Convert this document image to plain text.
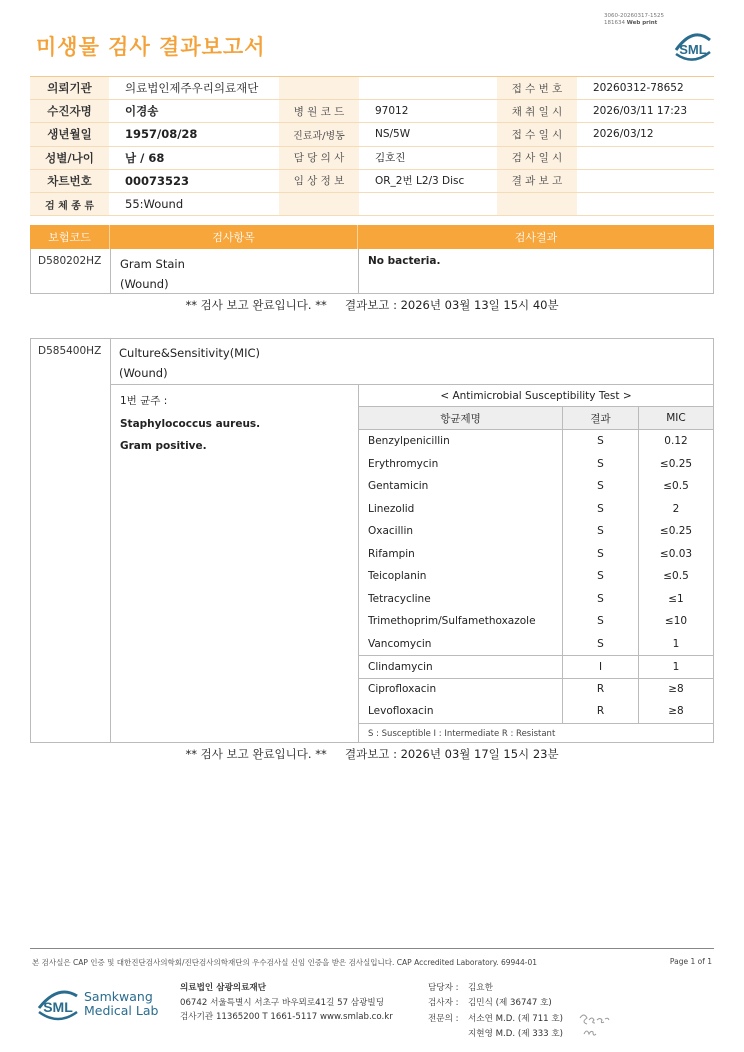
3060-20260317-1525
181634 Web print
미생물 검사 결과보고서	SML
의뢰기관	의료법인제주우리의료재단	접 수 번 호	20260312-78652
수진자명	이경송	병 원 코 드	97012	채 취 일 시	2026/03/11 17:23
생년월일	1957/08/28	진료과/병동	NS/5W	접 수 일 시	2026/03/12
성별/나이	남 / 68	담 당 의 사	김호진	검 사 일 시
차트번호	00073523	임 상 정 보	OR_2번 L2/3 Disc	결 과 보 고
검 체 종 류	55:Wound
보험코드	검사항목	검사결과
D580202HZ	Gram Stain
(Wound)
No bacteria.
** 검사 보고 완료입니다. **     결과보고 : 2026년 03월 13일 15시 40분
D585400HZ	Culture&Sensitivity(MIC)
(Wound)
1번 균주 :
Staphylococcus aureus.
Gram positive.
< Antimicrobial Susceptibility Test >
항균제명	결과	MIC
Benzylpenicillin	S	0.12
Erythromycin	S	≤0.25
Gentamicin	S	≤0.5
Linezolid	S	2
Oxacillin	S	≤0.25
Rifampin	S	≤0.03
Teicoplanin	S	≤0.5
Tetracycline	S	≤1
Trimethoprim/Sulfamethoxazole	S	≤10
Vancomycin	S	1
Clindamycin	I	1
Ciprofloxacin	R	≥8
Levofloxacin	R	≥8
S : Susceptible I : Intermediate R : Resistant
** 검사 보고 완료입니다. **     결과보고 : 2026년 03월 17일 15시 23분
본 검사실은 CAP 인증 및 대한진단검사의학회/진단검사의학재단의 우수검사실 신임 인증을 받은 검사실입니다. CAP Accredited Laboratory. 69944-01	Page 1 of 1
SML
Samkwang
Medical Lab
의료법인 삼광의료재단
06742 서울특별시 서초구 바우뫼로41길 57 삼광빌딩
검사기관 11365200 T 1661-5117 www.smlab.co.kr
담당자 :	김요한
검사자 :	김민식 (제 36747 호)
전문의 :	서소연 M.D. (제 711 호)
지현영 M.D. (제 333 호)
